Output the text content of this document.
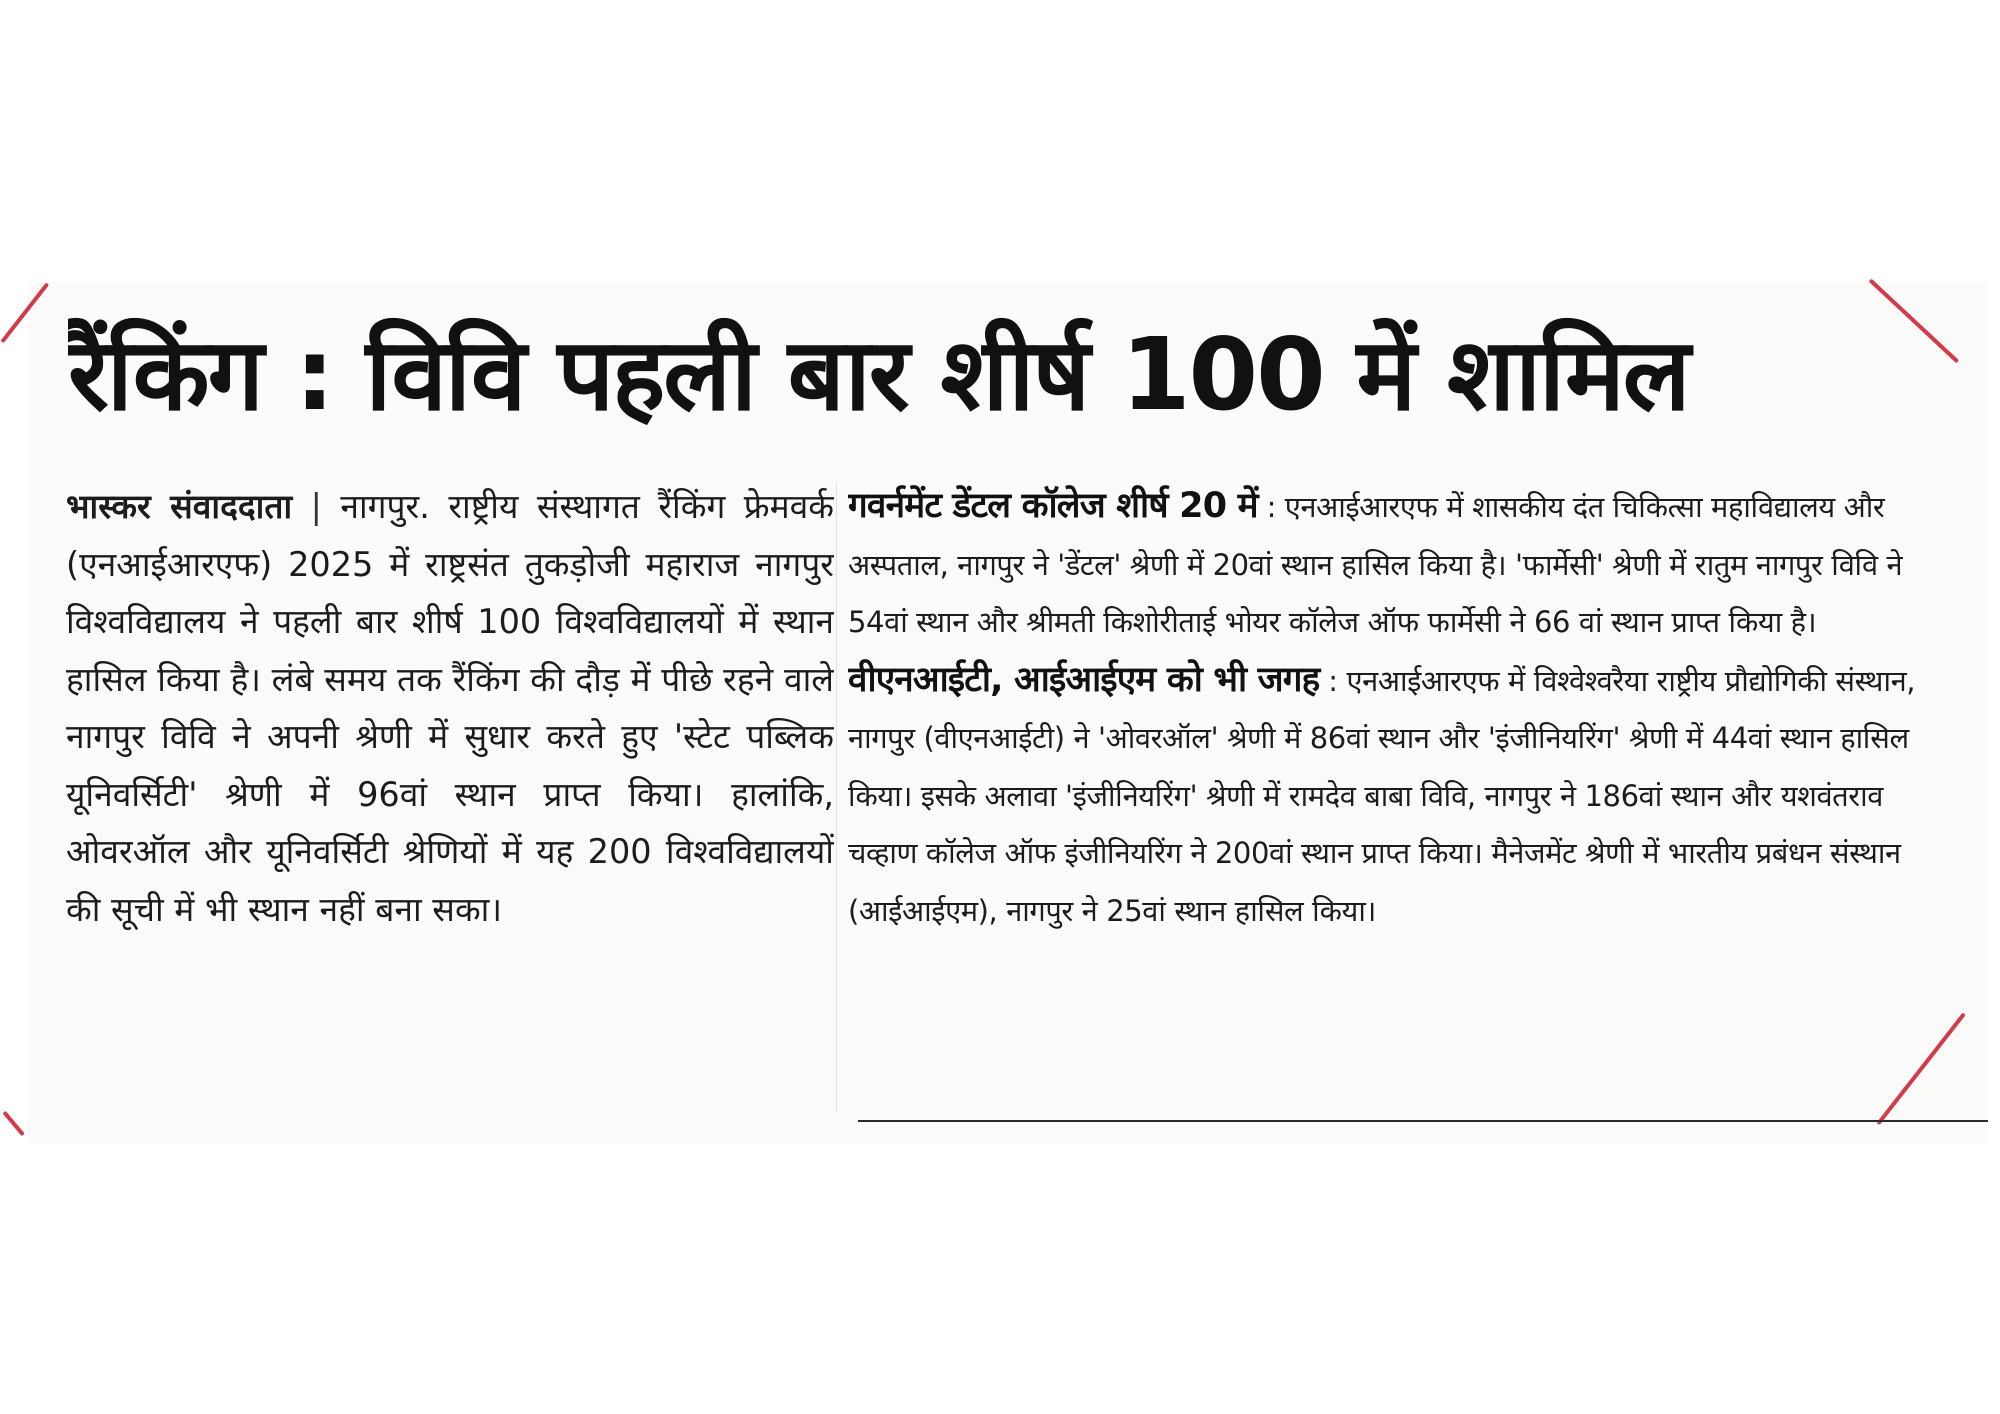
रैंकिंग : विवि पहली बार शीर्ष 100 में शामिल
भास्कर संवाददाता | नागपुर. राष्ट्रीय संस्थागत रैंकिंग फ्रेमवर्क (एनआईआरएफ) 2025 में राष्ट्रसंत तुकड़ोजी महाराज नागपुर विश्वविद्यालय ने पहली बार शीर्ष 100 विश्वविद्यालयों में स्थान हासिल किया है। लंबे समय तक रैंकिंग की दौड़ में पीछे रहने वाले नागपुर विवि ने अपनी श्रेणी में सुधार करते हुए 'स्टेट पब्लिक यूनिवर्सिटी' श्रेणी में 96वां स्थान प्राप्त किया। हालांकि, ओवरऑल और यूनिवर्सिटी श्रेणियों में यह 200 विश्वविद्यालयों की सूची में भी स्थान नहीं बना सका।

गवर्नमेंट डेंटल कॉलेज शीर्ष 20 में : एनआईआरएफ में शासकीय दंत चिकित्सा महाविद्यालय और अस्पताल, नागपुर ने 'डेंटल' श्रेणी में 20वां स्थान हासिल किया है। 'फार्मेसी' श्रेणी में रातुम नागपुर विवि ने 54वां स्थान और श्रीमती किशोरीताई भोयर कॉलेज ऑफ फार्मेसी ने 66 वां स्थान प्राप्त किया है।

वीएनआईटी, आईआईएम को भी जगह : एनआईआरएफ में विश्वेश्वरैया राष्ट्रीय प्रौद्योगिकी संस्थान, नागपुर (वीएनआईटी) ने 'ओवरऑल' श्रेणी में 86वां स्थान और 'इंजीनियरिंग' श्रेणी में 44वां स्थान हासिल किया। इसके अलावा 'इंजीनियरिंग' श्रेणी में रामदेव बाबा विवि, नागपुर ने 186वां स्थान और यशवंतराव चव्हाण कॉलेज ऑफ इंजीनियरिंग ने 200वां स्थान प्राप्त किया। मैनेजमेंट श्रेणी में भारतीय प्रबंधन संस्थान (आईआईएम), नागपुर ने 25वां स्थान हासिल किया।
